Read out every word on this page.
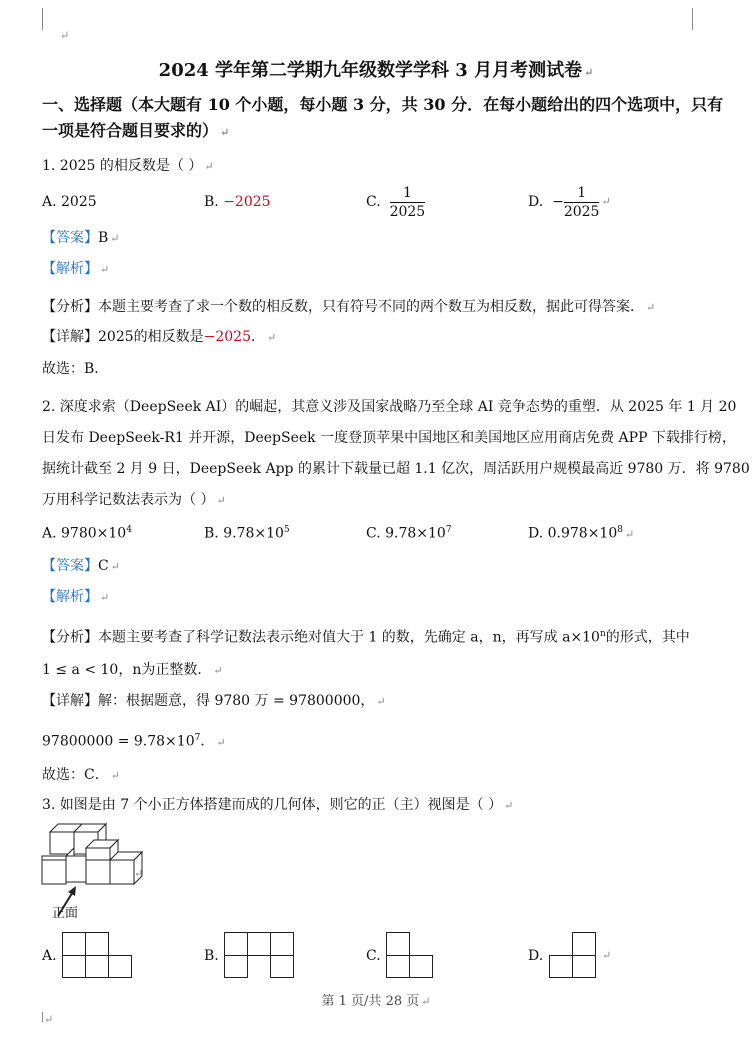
↵
2024 学年第二学期九年级数学学科 3 月月考测试卷 ↵
一、选择题（本大题有 10 个小题，每小题 3 分，共 30 分．在每小题给出的四个选项中，只有
一项是符合题目要求的） ↵
1. 2025 的相反数是（ ） ↵
A. 2025	B. −2025	C.
$\frac{1}{2025}$	D.
− $\frac{1}{2025}$ ↵
【答案】B ↵
【解析】 ↵
【分析】本题主要考查了求一个数的相反数，只有符号不同的两个数互为相反数，据此可得答案． ↵
【详解】2025的相反数是−2025． ↵
故选：B．
2. 深度求索（DeepSeek AI）的崛起，其意义涉及国家战略乃至全球 AI 竞争态势的重塑．从 2025 年 1 月 20
日发布 DeepSeek-R1 并开源，DeepSeek 一度登顶苹果中国地区和美国地区应用商店免费 APP 下载排行榜，
据统计截至 2 月 9 日，DeepSeek App 的累计下载量已超 1.1 亿次，周活跃用户规模最高近 9780 万．将 9780
万用科学记数法表示为（ ） ↵
A. $9780\times 10^4$	B. $9.78\times 10^5$	C. $9.78\times 10^7$	D. $0.978\times 10^8$ ↵
【答案】C ↵
【解析】 ↵
【分析】本题主要考查了科学记数法表示绝对值大于 1 的数，先确定 a，n，再写成 $a\times 10^n$的形式，其中
1 ≤ a < 10，n为正整数． ↵
【详解】解：根据题意，得 9780 万 = 97800000， ↵
$97800000 = 9.78\times 10^7$． ↵
故选：C． ↵
3. 如图是由 7 个小正方体搭建而成的几何体，则它的正（主）视图是（ ） ↵
↵
正面
A.	B.	C.	D.	↵
第 1 页/共 28 页 ↵
↵
